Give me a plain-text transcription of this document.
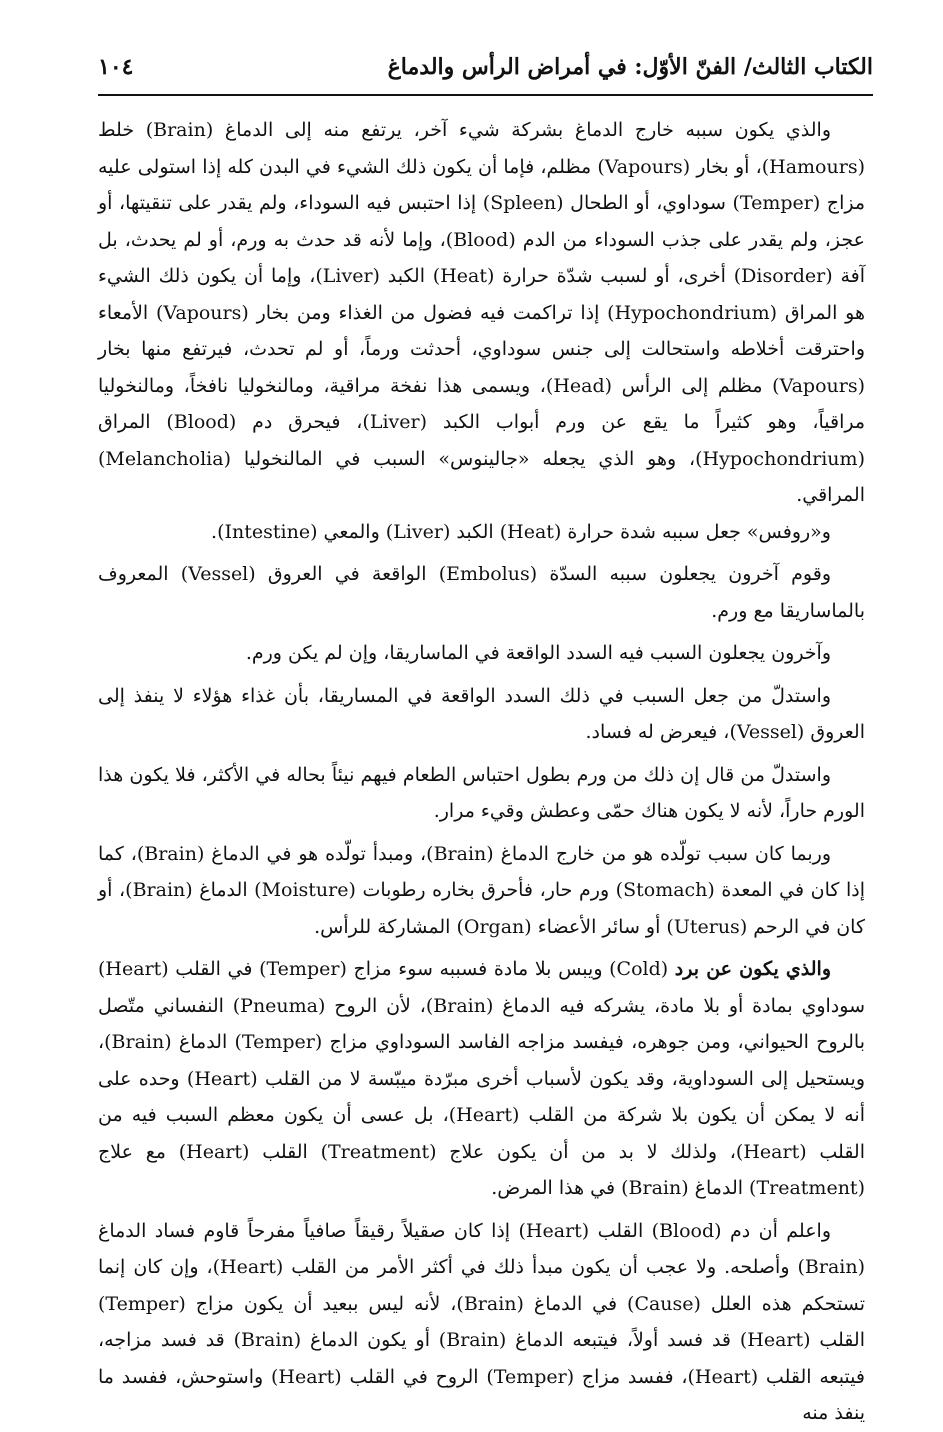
الكتاب الثالث/ الفنّ الأوّل: في أمراض الرأس والدماغ
١٠٤

والذي يكون سببه خارج الدماغ بشركة شيء آخر، يرتفع منه إلى الدماغ (Brain) خلط (Hamours)، أو بخار (Vapours) مظلم، فإما أن يكون ذلك الشيء في البدن كله إذا استولى عليه مزاج (Temper) سوداوي، أو الطحال (Spleen) إذا احتبس فيه السوداء، ولم يقدر على تنقيتها، أو عجز، ولم يقدر على جذب السوداء من الدم (Blood)، وإما لأنه قد حدث به ورم، أو لم يحدث، بل آفة (Disorder) أخرى، أو لسبب شدّة حرارة (Heat) الكبد (Liver)، وإما أن يكون ذلك الشيء هو المراق (Hypochondrium) إذا تراكمت فيه فضول من الغذاء ومن بخار (Vapours) الأمعاء واحترقت أخلاطه واستحالت إلى جنس سوداوي، أحدثت ورماً، أو لم تحدث، فيرتفع منها بخار (Vapours) مظلم إلى الرأس (Head)، ويسمى هذا نفخة مراقية، ومالنخوليا نافخاً، ومالنخوليا مراقياً، وهو كثيراً ما يقع عن ورم أبواب الكبد (Liver)، فيحرق دم (Blood) المراق (Hypochondrium)، وهو الذي يجعله «جالينوس» السبب في المالنخوليا (Melancholia) المراقي.

و«روفس» جعل سببه شدة حرارة (Heat) الكبد (Liver) والمعي (Intestine).

وقوم آخرون يجعلون سببه السدّة (Embolus) الواقعة في العروق (Vessel) المعروف بالماساريقا مع ورم.

وآخرون يجعلون السبب فيه السدد الواقعة في الماساريقا، وإن لم يكن ورم.

واستدلّ من جعل السبب في ذلك السدد الواقعة في المساريقا، بأن غذاء هؤلاء لا ينفذ إلى العروق (Vessel)، فيعرض له فساد.

واستدلّ من قال إن ذلك من ورم بطول احتباس الطعام فيهم نيئاً بحاله في الأكثر، فلا يكون هذا الورم حاراً، لأنه لا يكون هناك حمّى وعطش وقيء مرار.

وربما كان سبب تولّده هو من خارج الدماغ (Brain)، ومبدأ تولّده هو في الدماغ (Brain)، كما إذا كان في المعدة (Stomach) ورم حار، فأحرق بخاره رطوبات (Moisture) الدماغ (Brain)، أو كان في الرحم (Uterus) أو سائر الأعضاء (Organ) المشاركة للرأس.

والذي يكون عن برد (Cold) ويبس بلا مادة فسببه سوء مزاج (Temper) في القلب (Heart) سوداوي بمادة أو بلا مادة، يشركه فيه الدماغ (Brain)، لأن الروح (Pneuma) النفساني متّصل بالروح الحيواني، ومن جوهره، فيفسد مزاجه الفاسد السوداوي مزاج (Temper) الدماغ (Brain)، ويستحيل إلى السوداوية، وقد يكون لأسباب أخرى مبرّدة ميبّسة لا من القلب (Heart) وحده على أنه لا يمكن أن يكون بلا شركة من القلب (Heart)، بل عسى أن يكون معظم السبب فيه من القلب (Heart)، ولذلك لا بد من أن يكون علاج (Treatment) القلب (Heart) مع علاج (Treatment) الدماغ (Brain) في هذا المرض.

واعلم أن دم (Blood) القلب (Heart) إذا كان صقيلاً رقيقاً صافياً مفرحاً قاوم فساد الدماغ (Brain) وأصلحه. ولا عجب أن يكون مبدأ ذلك في أكثر الأمر من القلب (Heart)، وإن كان إنما تستحكم هذه العلل (Cause) في الدماغ (Brain)، لأنه ليس ببعيد أن يكون مزاج (Temper) القلب (Heart) قد فسد أولاً، فيتبعه الدماغ (Brain) أو يكون الدماغ (Brain) قد فسد مزاجه، فيتبعه القلب (Heart)، ففسد مزاج (Temper) الروح في القلب (Heart) واستوحش، ففسد ما ينفذ منه
